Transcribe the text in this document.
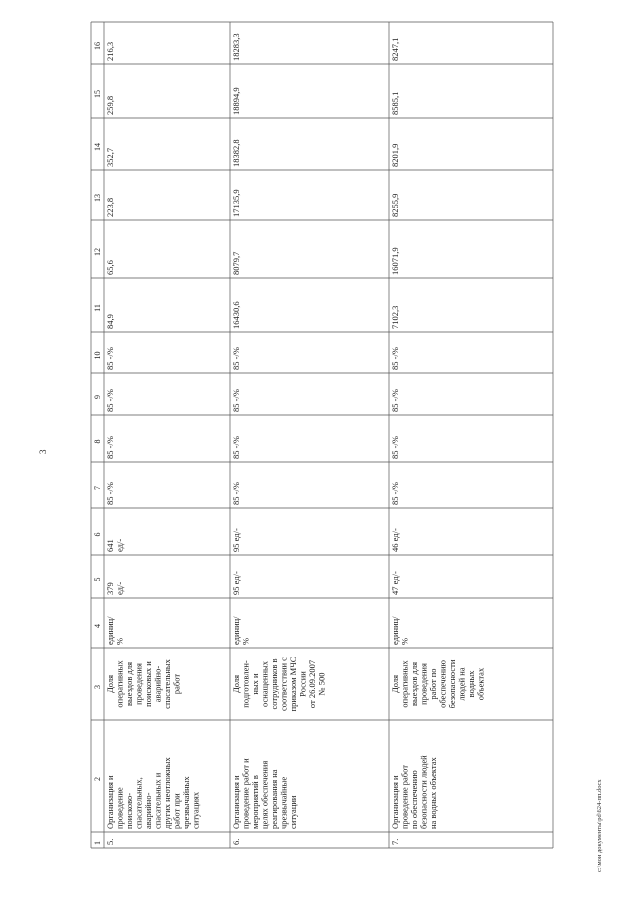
3
c:\мои документы\pd\624-пп.docx
1
2
3
4
5
6
7
8
9
10
11
12
13
14
15
16
5.
Организация ипроведениепоисково-спасательных,аварийно-спасательных идругих неотложныхработ причрезвычайныхситуациях
Доляоперативныхвыездов дляпроведенияпоисковых иаварийно-спасательныхработ
единиц/%
379ед/-
641ед/-
85 -/%
85 -/%
85 -/%
85 -/%
84,9
65,6
223,8
352,7
259,8
216,3
6.
Организация ипроведение работ имероприятий вцелях обеспеченияреагирования начрезвычайныеситуации
Доляподготовлен-ных иоснащенныхсотрудников всоответствии сприказом МЧСРоссииот 26.09.2007№ 500
единиц/%
95 ед/-
95 ед/-
85 -/%
85 -/%
85 -/%
85 -/%
16430,6
8079,7
17135,9
18382,8
18894,9
18283,3
7.
Организация ипроведение работпо обеспечениюбезопасности людейна водных объектах
Доляоперативныхвыездов дляпроведенияработ пообеспечениюбезопасностилюдей наводныхобъектах
единиц/%
47 ед/-
46 ед/-
85 -/%
85 -/%
85 -/%
85 -/%
7102,3
16071,9
8255,9
8201,9
8585,1
8247,1
